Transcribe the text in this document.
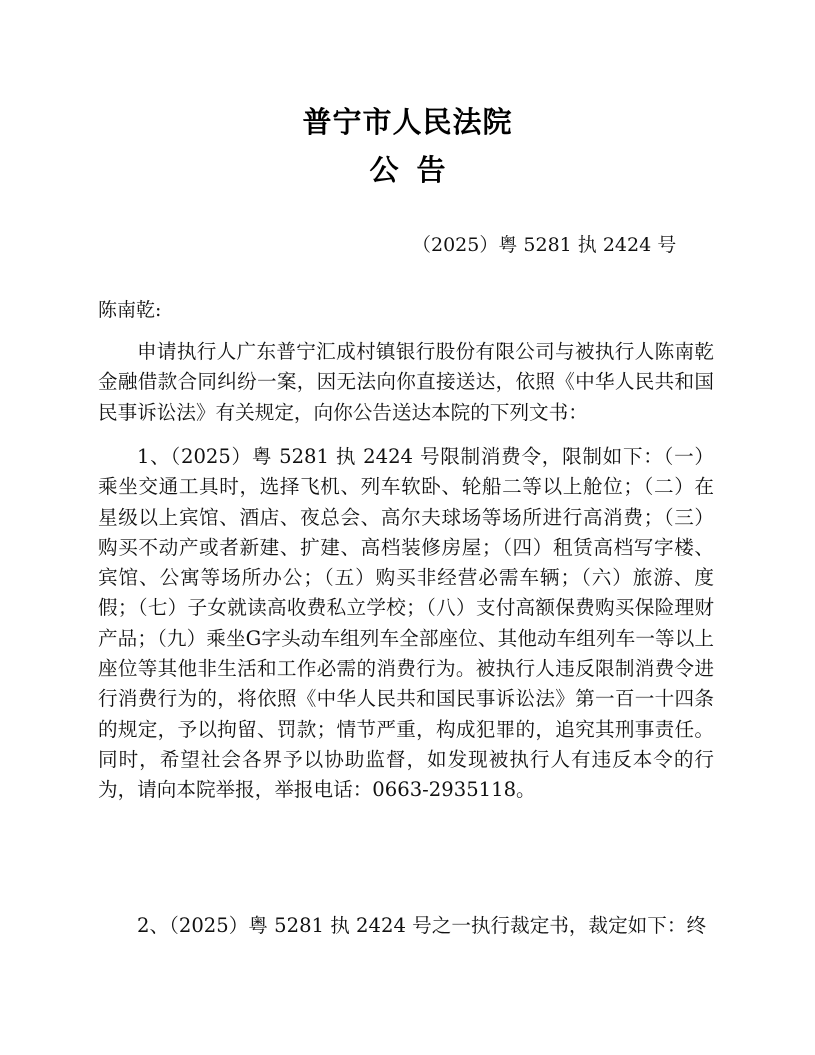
普宁市人民法院
公告
（2025）粤 5281 执 2424 号

陈南乾:

申请执行人广东普宁汇成村镇银行股份有限公司与被执行人陈南乾金融借款合同纠纷一案，因无法向你直接送达，依照《中华人民共和国民事诉讼法》有关规定，向你公告送达本院的下列文书：

1、（2025）粤 5281 执 2424 号限制消费令，限制如下：（一）乘坐交通工具时，选择飞机、列车软卧、轮船二等以上舱位；（二）在星级以上宾馆、酒店、夜总会、高尔夫球场等场所进行高消费；（三）购买不动产或者新建、扩建、高档装修房屋；（四）租赁高档写字楼、宾馆、公寓等场所办公；（五）购买非经营必需车辆；（六）旅游、度假；（七）子女就读高收费私立学校；（八）支付高额保费购买保险理财产品；（九）乘坐G字头动车组列车全部座位、其他动车组列车一等以上座位等其他非生活和工作必需的消费行为。被执行人违反限制消费令进行消费行为的，将依照《中华人民共和国民事诉讼法》第一百一十四条的规定，予以拘留、罚款；情节严重，构成犯罪的，追究其刑事责任。同时，希望社会各界予以协助监督，如发现被执行人有违反本令的行为，请向本院举报，举报电话：0663-2935118。

2、（2025）粤 5281 执 2424 号之一执行裁定书，裁定如下：终
